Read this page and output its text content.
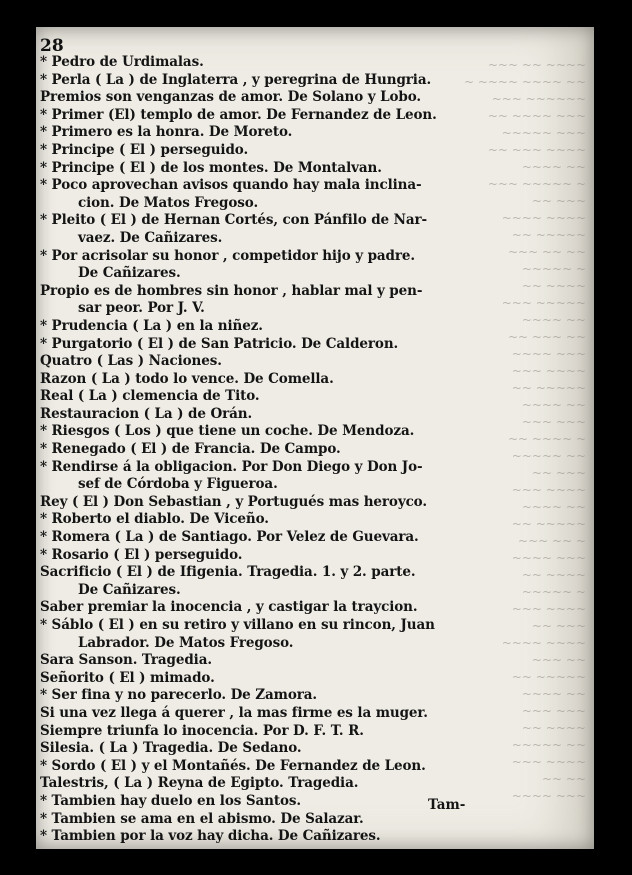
~~~ ~~ ~~~~
~ ~~~~ ~~~~ ~~
~~~ ~~~~~~
~~ ~~~~ ~~~
~~~~~ ~~~
~~ ~~~ ~~~~
~~~~ ~~
~~~ ~~~~~ ~
~~ ~~~
~~~~ ~~~~
~~ ~~~~~
~~~ ~~ ~~
~~~~~ ~
~~ ~~~~
~~~ ~~~~~
~~~~ ~~
~~ ~~~ ~~
~~~~ ~~~
~~~ ~~~~
~~ ~~~~~
~~~~ ~~
~~~ ~~~
~~ ~~~~ ~
~~~~~ ~~
~~ ~~~
~~~ ~~~~
~~~~ ~~
~~ ~~~~~
~~~ ~~ ~
~~~~ ~~~
~~ ~~~~
~~~~~ ~
~~~ ~~~~
~~ ~~~
~~~~ ~~~~
~~~ ~~
~~ ~~~~~
~~~~ ~~
~~~ ~~~
~~ ~~~~
~~~~~ ~~
~~~ ~~~~
~~ ~~
~~~~ ~~~
28
* Pedro de Urdimalas.
* Perla ( La ) de Inglaterra , y peregrina de Hungria.
Premios son venganzas de amor. De Solano y Lobo.
* Primer (El) templo de amor. De Fernandez de Leon.
* Primero es la honra. De Moreto.
* Principe ( El ) perseguido.
* Principe ( El ) de los montes. De Montalvan.
* Poco aprovechan avisos quando hay mala inclina-
cion. De Matos Fregoso.
* Pleito ( El ) de Hernan Cortés, con Pánfilo de Nar-
vaez. De Cañizares.
* Por acrisolar su honor , competidor hijo y padre.
De Cañizares.
Propio es de hombres sin honor , hablar mal y pen-
sar peor. Por J. V.
* Prudencia ( La ) en la niñez.
* Purgatorio ( El ) de San Patricio. De Calderon.
Quatro ( Las ) Naciones.
Razon ( La ) todo lo vence. De Comella.
Real ( La ) clemencia de Tito.
Restauracion ( La ) de Orán.
* Riesgos ( Los ) que tiene un coche. De Mendoza.
* Renegado ( El ) de Francia. De Campo.
* Rendirse á la obligacion. Por Don Diego y Don Jo-
sef de Córdoba y Figueroa.
Rey ( El ) Don Sebastian , y Portugués mas heroyco.
* Roberto el diablo. De Viceño.
* Romera ( La ) de Santiago. Por Velez de Guevara.
* Rosario ( El ) perseguido.
Sacrificio ( El ) de Ifigenia. Tragedia. 1. y 2. parte.
De Cañizares.
Saber premiar la inocencia , y castigar la traycion.
* Sáblo ( El ) en su retiro y villano en su rincon, Juan
Labrador. De Matos Fregoso.
Sara Sanson. Tragedia.
Señorito ( El ) mimado.
* Ser fina y no parecerlo. De Zamora.
Si una vez llega á querer , la mas firme es la muger.
Siempre triunfa lo inocencia. Por D. F. T. R.
Silesia. ( La ) Tragedia. De Sedano.
* Sordo ( El ) y el Montañés. De Fernandez de Leon.
Talestris, ( La ) Reyna de Egipto. Tragedia.
* Tambien hay duelo en los Santos.
* Tambien se ama en el abismo. De Salazar.
* Tambien por la voz hay dicha. De Cañizares.
Tam-
